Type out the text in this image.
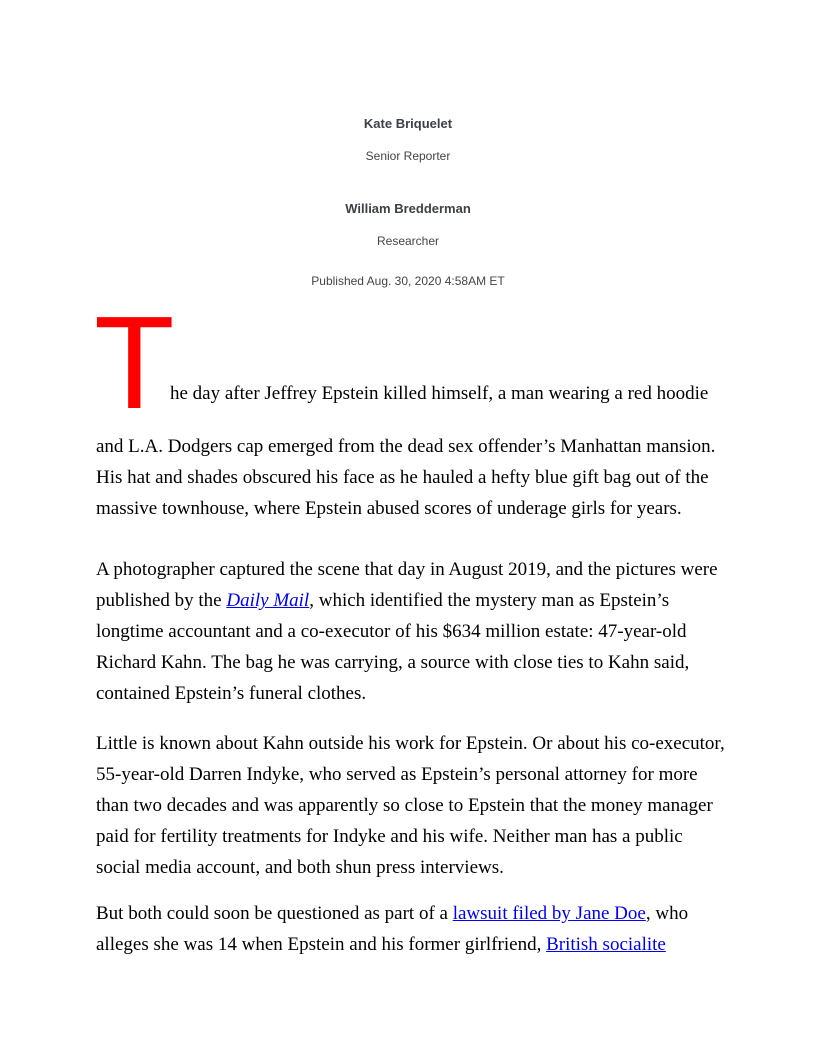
Kate Briquelet
Senior Reporter
William Bredderman
Researcher
Published Aug. 30, 2020 4:58AM ET
T
he day after Jeffrey Epstein killed himself, a man wearing a red hoodie
and L.A. Dodgers cap emerged from the dead sex offender’s Manhattan mansion. His hat and shades obscured his face as he hauled a hefty blue gift bag out of the massive townhouse, where Epstein abused scores of underage girls for years.
A photographer captured the scene that day in August 2019, and the pictures were published by the Daily Mail, which identified the mystery man as Epstein’s longtime accountant and a co-executor of his $634 million estate: 47-year-old Richard Kahn. The bag he was carrying, a source with close ties to Kahn said, contained Epstein’s funeral clothes.
Little is known about Kahn outside his work for Epstein. Or about his co-executor, 55-year-old Darren Indyke, who served as Epstein’s personal attorney for more than two decades and was apparently so close to Epstein that the money manager paid for fertility treatments for Indyke and his wife. Neither man has a public social media account, and both shun press interviews.
But both could soon be questioned as part of a lawsuit filed by Jane Doe, who alleges she was 14 when Epstein and his former girlfriend, British socialite
